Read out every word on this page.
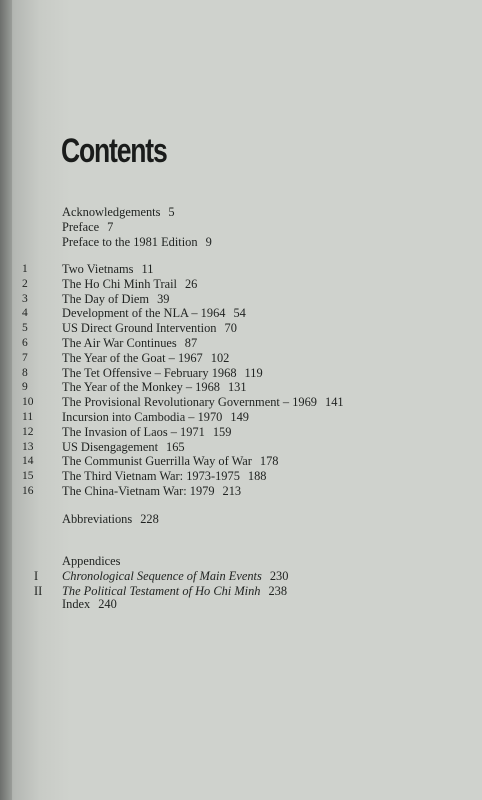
Contents
Acknowledgements 5
Preface 7
Preface to the 1981 Edition 9
1	Two Vietnams 11
2	The Ho Chi Minh Trail 26
3	The Day of Diem 39
4	Development of the NLA – 1964 54
5	US Direct Ground Intervention 70
6	The Air War Continues 87
7	The Year of the Goat – 1967 102
8	The Tet Offensive – February 1968 119
9	The Year of the Monkey – 1968 131
10	The Provisional Revolutionary Government – 1969 141
11	Incursion into Cambodia – 1970 149
12	The Invasion of Laos – 1971 159
13	US Disengagement 165
14	The Communist Guerrilla Way of War 178
15	The Third Vietnam War: 1973-1975 188
16	The China-Vietnam War: 1979 213
Abbreviations 228
Appendices
I	Chronological Sequence of Main Events 230
II	The Political Testament of Ho Chi Minh 238
Index 240
